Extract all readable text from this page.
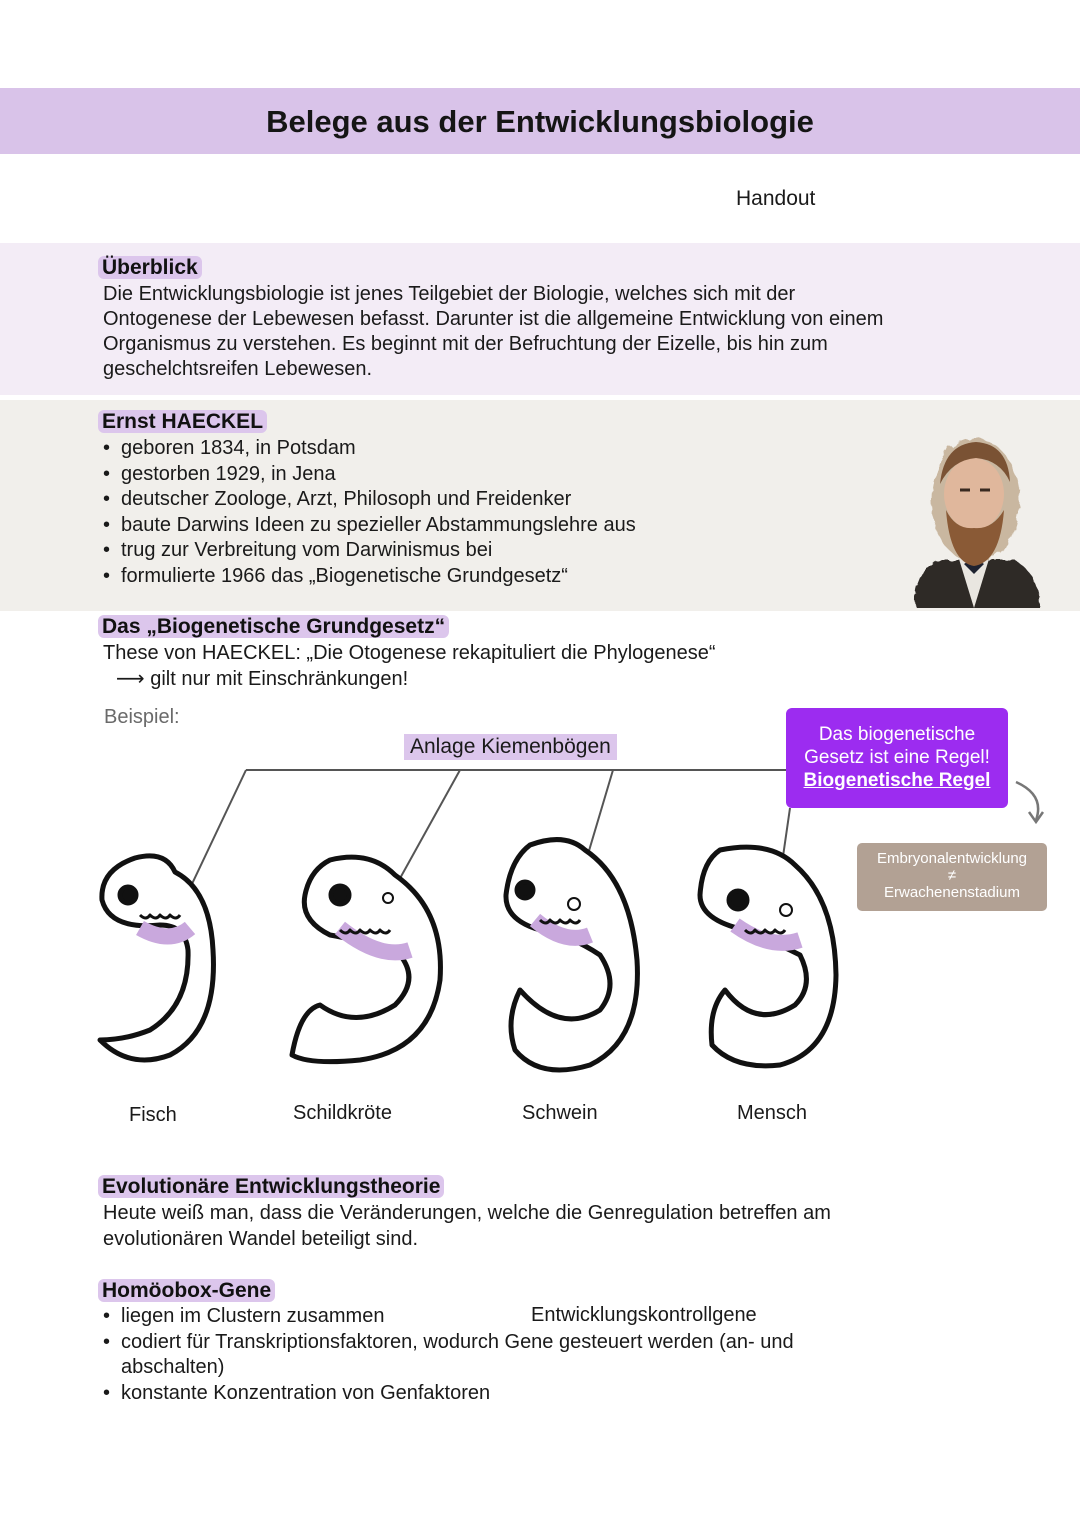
Belege aus der Entwicklungsbiologie
Handout
Überblick
Die Entwicklungsbiologie ist jenes Teilgebiet der Biologie, welches sich mit der
Ontogenese der Lebewesen befasst. Darunter ist die allgemeine Entwicklung von einem
Organismus zu verstehen. Es beginnt mit der Befruchtung der Eizelle, bis hin zum
geschelchtsreifen Lebewesen.
Ernst HAECKEL
• geboren 1834, in Potsdam
• gestorben 1929, in Jena
• deutscher Zoologe, Arzt, Philosoph und Freidenker
• baute Darwins Ideen zu spezieller Abstammungslehre aus
• trug zur Verbreitung vom Darwinismus bei
• formulierte 1966 das „Biogenetische Grundgesetz“
Das „Biogenetische Grundgesetz“
These von HAECKEL: „Die Otogenese rekapituliert die Phylogenese“
⟶ gilt nur mit Einschränkungen!
Beispiel:
Anlage Kiemenbögen
Das biogenetische
Gesetz ist eine Regel!
Biogenetische Regel
Embryonalentwicklung
≠
Erwachenenstadium
Fisch	Schildkröte	Schwein	Mensch
Evolutionäre Entwicklungstheorie
Heute weiß man, dass die Veränderungen, welche die Genregulation betreffen am
evolutionären Wandel beteiligt sind.
Homöobox-Gene
• liegen im Clustern zusammen
• codiert für Transkriptionsfaktoren, wodurch Gene gesteuert werden (an- und
abschalten)
• konstante Konzentration von Genfaktoren
Entwicklungskontrollgene
